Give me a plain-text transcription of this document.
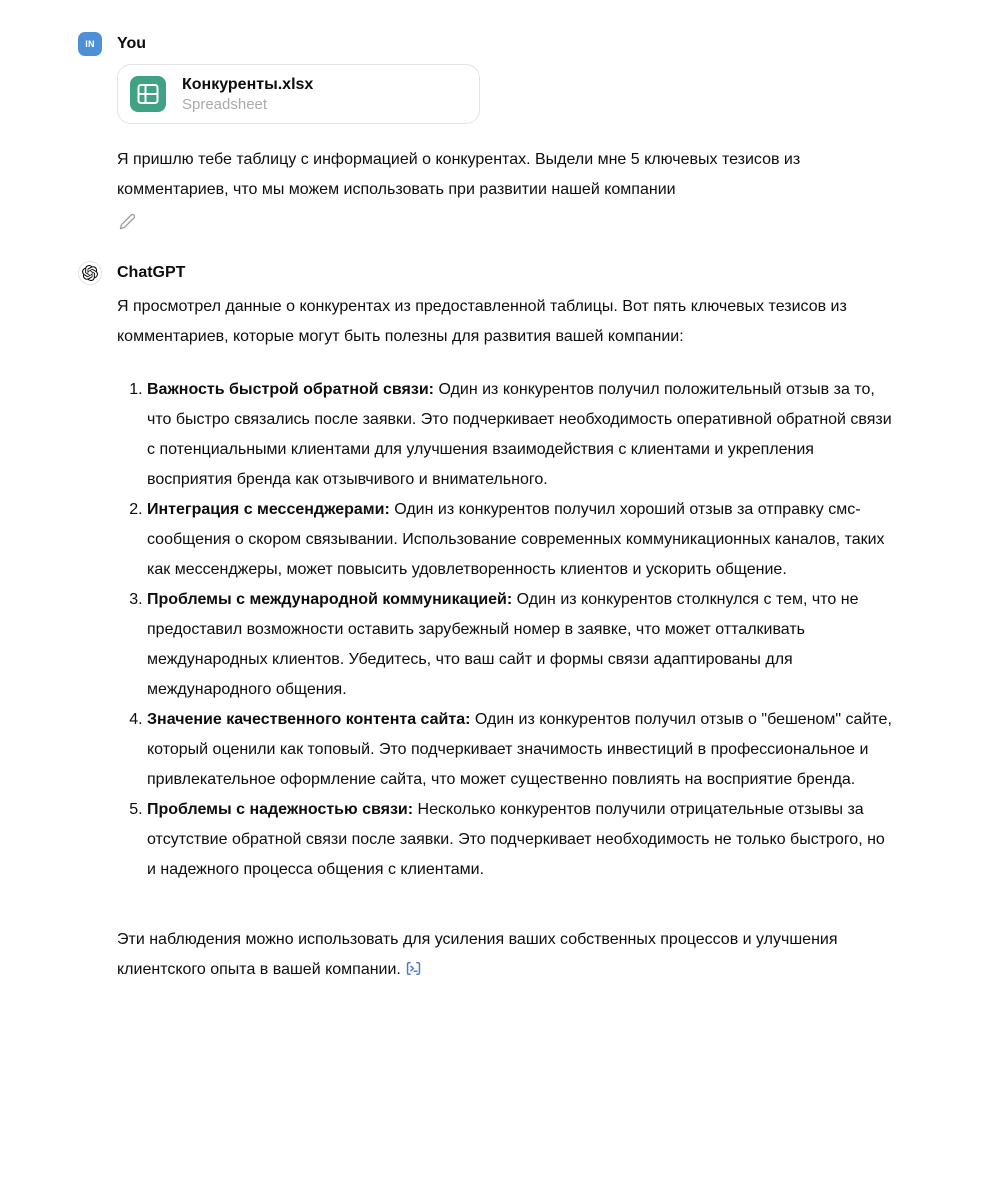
IN You
Конкуренты.xlsx
Spreadsheet

Я пришлю тебе таблицу с информацией о конкурентах. Выдели мне 5 ключевых тезисов из комментариев, что мы можем использовать при развитии нашей компании

ChatGPT

Я просмотрел данные о конкурентах из предоставленной таблицы. Вот пять ключевых тезисов из комментариев, которые могут быть полезны для развития вашей компании:

1. Важность быстрой обратной связи: Один из конкурентов получил положительный отзыв за то, что быстро связались после заявки. Это подчеркивает необходимость оперативной обратной связи с потенциальными клиентами для улучшения взаимодействия с клиентами и укрепления восприятия бренда как отзывчивого и внимательного.
2. Интеграция с мессенджерами: Один из конкурентов получил хороший отзыв за отправку смс-сообщения о скором связывании. Использование современных коммуникационных каналов, таких как мессенджеры, может повысить удовлетворенность клиентов и ускорить общение.
3. Проблемы с международной коммуникацией: Один из конкурентов столкнулся с тем, что не предоставил возможности оставить зарубежный номер в заявке, что может отталкивать международных клиентов. Убедитесь, что ваш сайт и формы связи адаптированы для международного общения.
4. Значение качественного контента сайта: Один из конкурентов получил отзыв о "бешеном" сайте, который оценили как топовый. Это подчеркивает значимость инвестиций в профессиональное и привлекательное оформление сайта, что может существенно повлиять на восприятие бренда.
5. Проблемы с надежностью связи: Несколько конкурентов получили отрицательные отзывы за отсутствие обратной связи после заявки. Это подчеркивает необходимость не только быстрого, но и надежного процесса общения с клиентами.

Эти наблюдения можно использовать для усиления ваших собственных процессов и улучшения клиентского опыта в вашей компании.
